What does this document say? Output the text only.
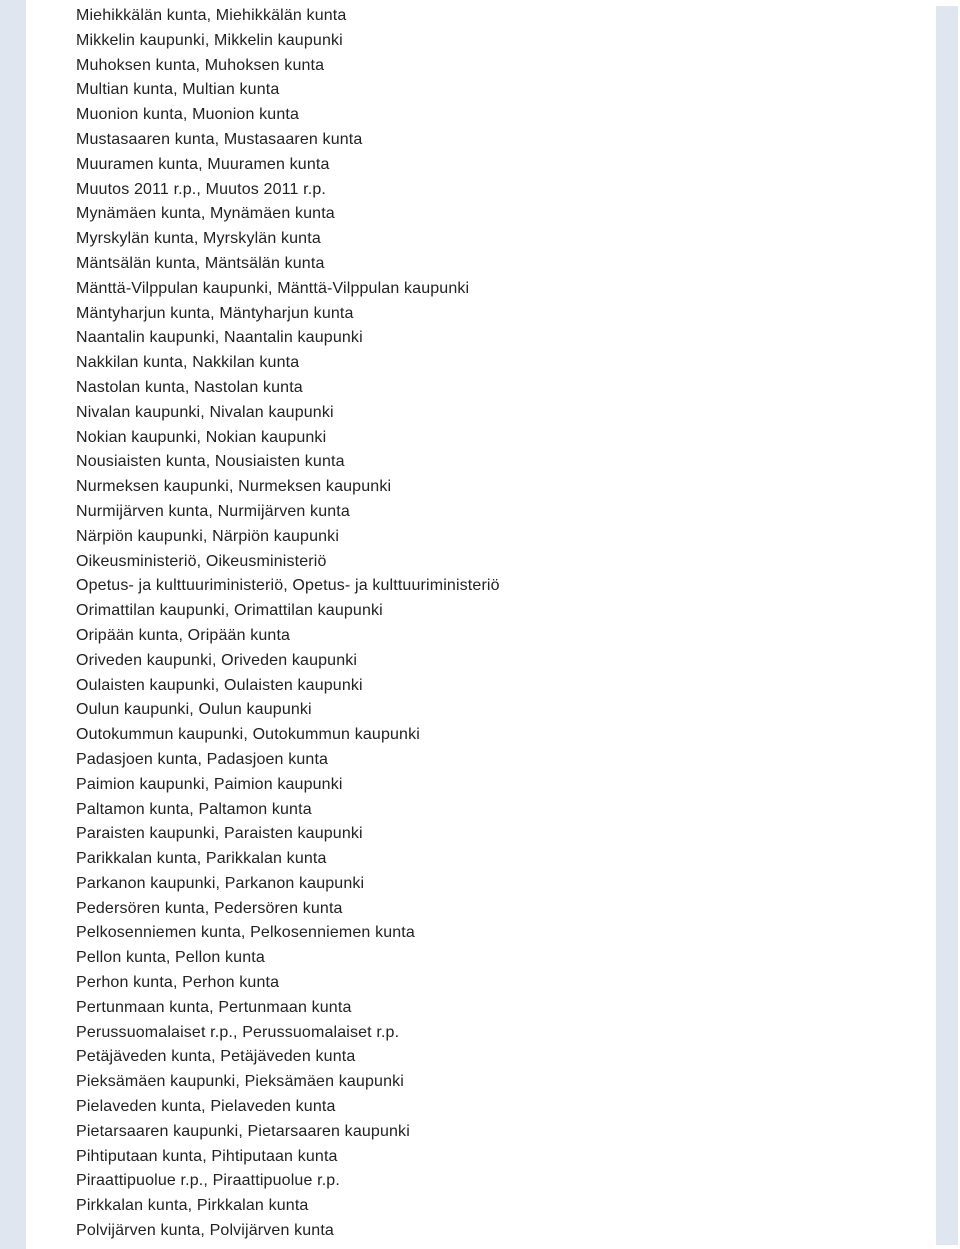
Miehikkälän kunta, Miehikkälän kunta
Mikkelin kaupunki, Mikkelin kaupunki
Muhoksen kunta, Muhoksen kunta
Multian kunta, Multian kunta
Muonion kunta, Muonion kunta
Mustasaaren kunta, Mustasaaren kunta
Muuramen kunta, Muuramen kunta
Muutos 2011 r.p., Muutos 2011 r.p.
Mynämäen kunta, Mynämäen kunta
Myrskylän kunta, Myrskylän kunta
Mäntsälän kunta, Mäntsälän kunta
Mänttä-Vilppulan kaupunki, Mänttä-Vilppulan kaupunki
Mäntyharjun kunta, Mäntyharjun kunta
Naantalin kaupunki, Naantalin kaupunki
Nakkilan kunta, Nakkilan kunta
Nastolan kunta, Nastolan kunta
Nivalan kaupunki, Nivalan kaupunki
Nokian kaupunki, Nokian kaupunki
Nousiaisten kunta, Nousiaisten kunta
Nurmeksen kaupunki, Nurmeksen kaupunki
Nurmijärven kunta, Nurmijärven kunta
Närpiön kaupunki, Närpiön kaupunki
Oikeusministeriö, Oikeusministeriö
Opetus- ja kulttuuriministeriö, Opetus- ja kulttuuriministeriö
Orimattilan kaupunki, Orimattilan kaupunki
Oripään kunta, Oripään kunta
Oriveden kaupunki, Oriveden kaupunki
Oulaisten kaupunki, Oulaisten kaupunki
Oulun kaupunki, Oulun kaupunki
Outokummun kaupunki, Outokummun kaupunki
Padasjoen kunta, Padasjoen kunta
Paimion kaupunki, Paimion kaupunki
Paltamon kunta, Paltamon kunta
Paraisten kaupunki, Paraisten kaupunki
Parikkalan kunta, Parikkalan kunta
Parkanon kaupunki, Parkanon kaupunki
Pedersören kunta, Pedersören kunta
Pelkosenniemen kunta, Pelkosenniemen kunta
Pellon kunta, Pellon kunta
Perhon kunta, Perhon kunta
Pertunmaan kunta, Pertunmaan kunta
Perussuomalaiset r.p., Perussuomalaiset r.p.
Petäjäveden kunta, Petäjäveden kunta
Pieksämäen kaupunki, Pieksämäen kaupunki
Pielaveden kunta, Pielaveden kunta
Pietarsaaren kaupunki, Pietarsaaren kaupunki
Pihtiputaan kunta, Pihtiputaan kunta
Piraattipuolue r.p., Piraattipuolue r.p.
Pirkkalan kunta, Pirkkalan kunta
Polvijärven kunta, Polvijärven kunta
